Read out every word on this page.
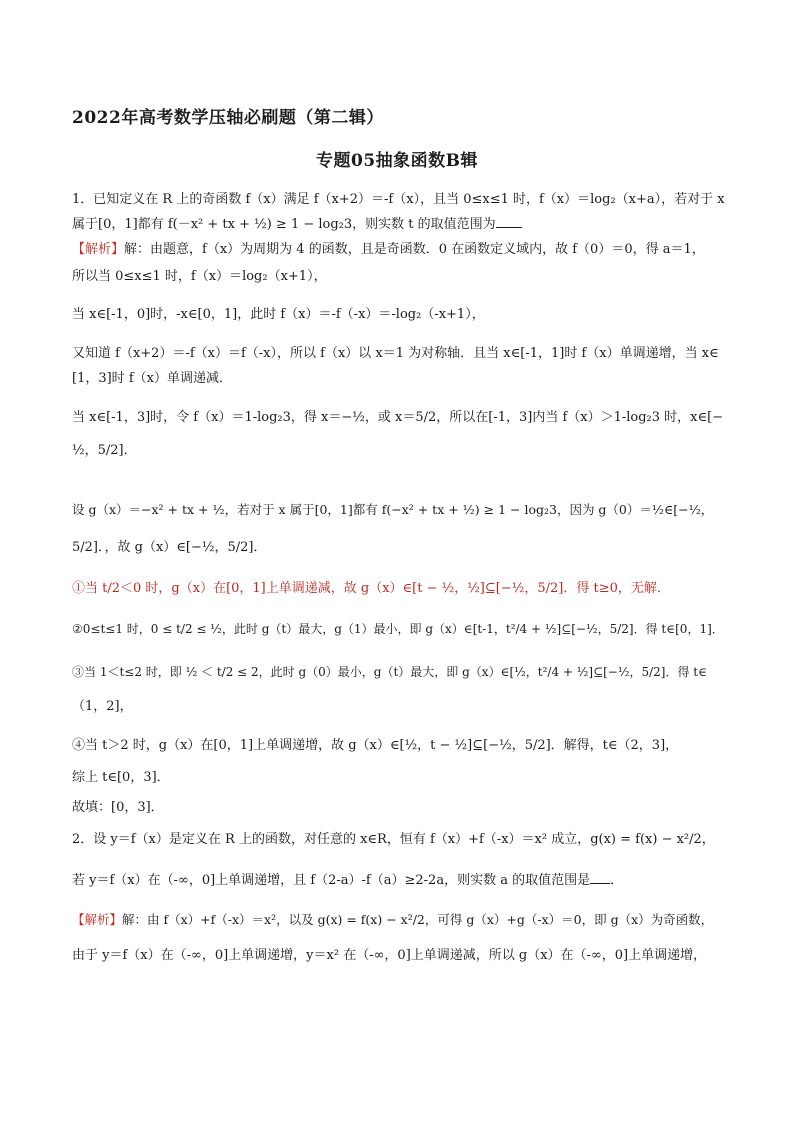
2022年高考数学压轴必刷题（第二辑）
专题05抽象函数B辑
1．已知定义在 R 上的奇函数 f（x）满足 f（x+2）＝-f（x），且当 0≤x≤1 时，f（x）＝log₂（x+a），若对于 x
属于[0，1]都有 f(－x² + tx + ½) ≥ 1 − log₂3，则实数 t 的取值范围为
【解析】解：由题意，f（x）为周期为 4 的函数，且是奇函数．0 在函数定义域内，故 f（0）＝0，得 a＝1，
所以当 0≤x≤1 时，f（x）＝log₂（x+1），
当 x∈[-1，0]时，-x∈[0，1]，此时 f（x）＝-f（-x）＝-log₂（-x+1），
又知道 f（x+2）＝-f（x）＝f（-x），所以 f（x）以 x＝1 为对称轴．且当 x∈[-1，1]时 f（x）单调递增，当 x∈
[1，3]时 f（x）单调递减．
当 x∈[-1，3]时，令 f（x）＝1-log₂3，得 x＝−½，或 x＝5/2，所以在[-1，3]内当 f（x）＞1-log₂3 时，x∈[−
½，5/2]．
设 g（x）＝−x² + tx + ½，若对于 x 属于[0，1]都有 f(−x² + tx + ½) ≥ 1 − log₂3，因为 g（0）＝½∈[−½，
5/2]．，故 g（x）∈[−½，5/2]．
①当 t/2＜0 时，g（x）在[0，1]上单调递减，故 g（x）∈[t − ½，½]⊆[−½，5/2]．得 t≥0，无解．
②0≤t≤1 时，0 ≤ t/2 ≤ ½，此时 g（t）最大，g（1）最小，即 g（x）∈[t-1，t²/4 + ½]⊆[−½，5/2]．得 t∈[0，1]．
③当 1＜t≤2 时，即 ½ ＜ t/2 ≤ 2，此时 g（0）最小，g（t）最大，即 g（x）∈[½，t²/4 + ½]⊆[−½，5/2]．得 t∈
（1，2]，
④当 t＞2 时，g（x）在[0，1]上单调递增，故 g（x）∈[½，t − ½]⊆[−½，5/2]．解得，t∈（2，3]，
综上 t∈[0，3]．
故填：[0，3]．
2．设 y＝f（x）是定义在 R 上的函数，对任意的 x∈R，恒有 f（x）+f（-x）＝x² 成立，g(x) = f(x) − x²/2，
若 y＝f（x）在（-∞，0]上单调递增，且 f（2-a）-f（a）≥2-2a，则实数 a 的取值范围是 ．
【解析】解：由 f（x）+f（-x）＝x²，以及 g(x) = f(x) − x²/2，可得 g（x）+g（-x）＝0，即 g（x）为奇函数，
由于 y＝f（x）在（-∞，0]上单调递增，y＝x² 在（-∞，0]上单调递减，所以 g（x）在（-∞，0]上单调递增，
